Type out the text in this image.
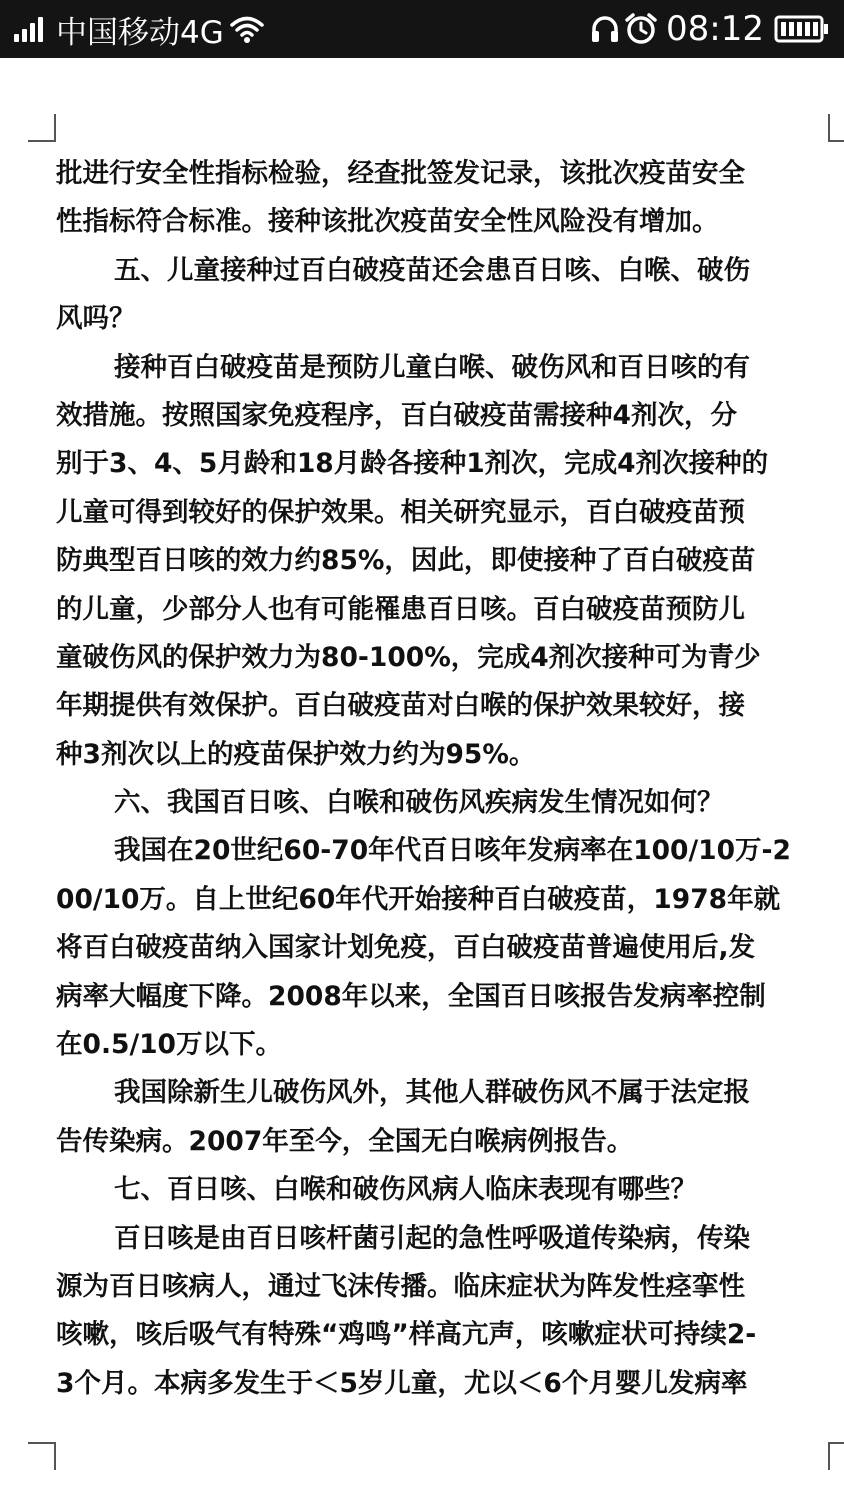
中国移动4G	08:12
批进行安全性指标检验，经查批签发记录，该批次疫苗安全
性指标符合标准。接种该批次疫苗安全性风险没有增加。
五、儿童接种过百白破疫苗还会患百日咳、白喉、破伤
风吗？
接种百白破疫苗是预防儿童白喉、破伤风和百日咳的有
效措施。按照国家免疫程序，百白破疫苗需接种4剂次，分
别于3、4、5月龄和18月龄各接种1剂次，完成4剂次接种的
儿童可得到较好的保护效果。相关研究显示，百白破疫苗预
防典型百日咳的效力约85%，因此，即使接种了百白破疫苗
的儿童，少部分人也有可能罹患百日咳。百白破疫苗预防儿
童破伤风的保护效力为80-100%，完成4剂次接种可为青少
年期提供有效保护。百白破疫苗对白喉的保护效果较好，接
种3剂次以上的疫苗保护效力约为95%。
六、我国百日咳、白喉和破伤风疾病发生情况如何？
我国在20世纪60-70年代百日咳年发病率在100/10万-2
00/10万。自上世纪60年代开始接种百白破疫苗，1978年就
将百白破疫苗纳入国家计划免疫，百白破疫苗普遍使用后,发
病率大幅度下降。2008年以来，全国百日咳报告发病率控制
在0.5/10万以下。
我国除新生儿破伤风外，其他人群破伤风不属于法定报
告传染病。2007年至今，全国无白喉病例报告。
七、百日咳、白喉和破伤风病人临床表现有哪些？
百日咳是由百日咳杆菌引起的急性呼吸道传染病，传染
源为百日咳病人，通过飞沫传播。临床症状为阵发性痉挛性
咳嗽，咳后吸气有特殊“鸡鸣”样高亢声，咳嗽症状可持续2-
3个月。本病多发生于＜5岁儿童，尤以＜6个月婴儿发病率
